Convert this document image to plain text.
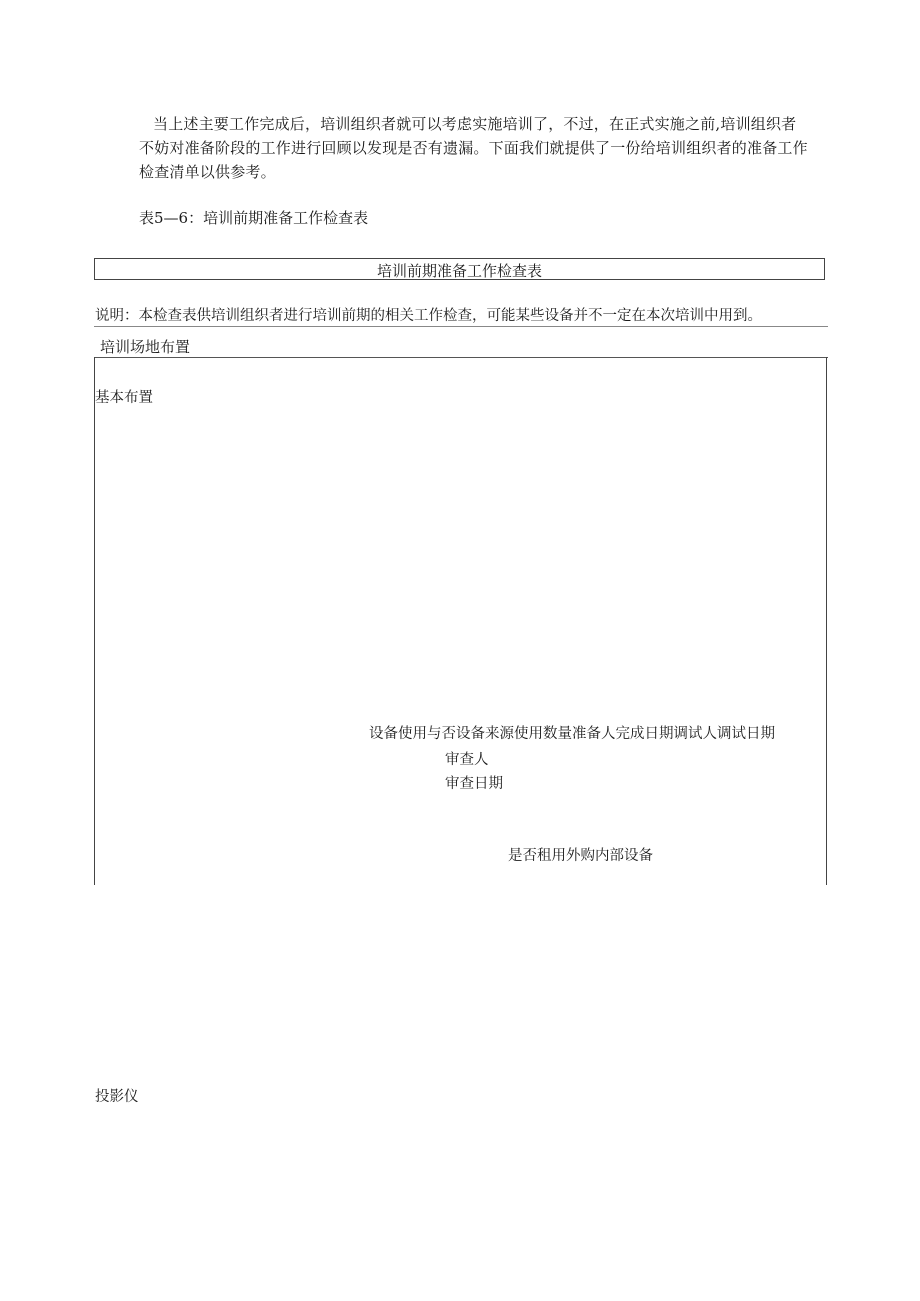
当上述主要工作完成后，培训组织者就可以考虑实施培训了，不过，在正式实施之前,培训组织者
不妨对准备阶段的工作进行回顾以发现是否有遗漏。下面我们就提供了一份给培训组织者的准备工作
检查清单以供参考。
表5—6：培训前期准备工作检查表
培训前期准备工作检查表
说明：本检查表供培训组织者进行培训前期的相关工作检查，可能某些设备并不一定在本次培训中用到。
培训场地布置
基本布置
设备使用与否设备来源使用数量准备人完成日期调试人调试日期
审查人
审查日期
是否租用外购内部设备
投影仪
